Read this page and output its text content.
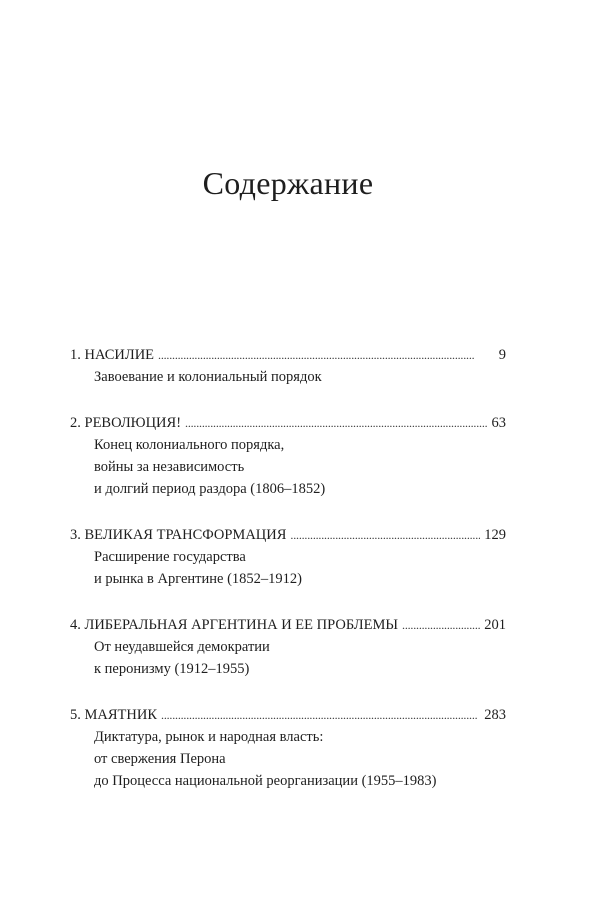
Содержание
1. НАСИЛИЕ . . .	9
Завоевание и колониальный порядок
2. РЕВОЛЮЦИЯ! . . .	63
Конец колониального порядка,
войны за независимость
и долгий период раздора (1806–1852)
3. ВЕЛИКАЯ ТРАНСФОРМАЦИЯ . . .	129
Расширение государства
и рынка в Аргентине (1852–1912)
4. ЛИБЕРАЛЬНАЯ АРГЕНТИНА И ЕЕ ПРОБЛЕМЫ . . .	201
От неудавшейся демократии
к перонизму (1912–1955)
5. МАЯТНИК . . .	283
Диктатура, рынок и народная власть:
от свержения Перона
до Процесса национальной реорганизации (1955–1983)
